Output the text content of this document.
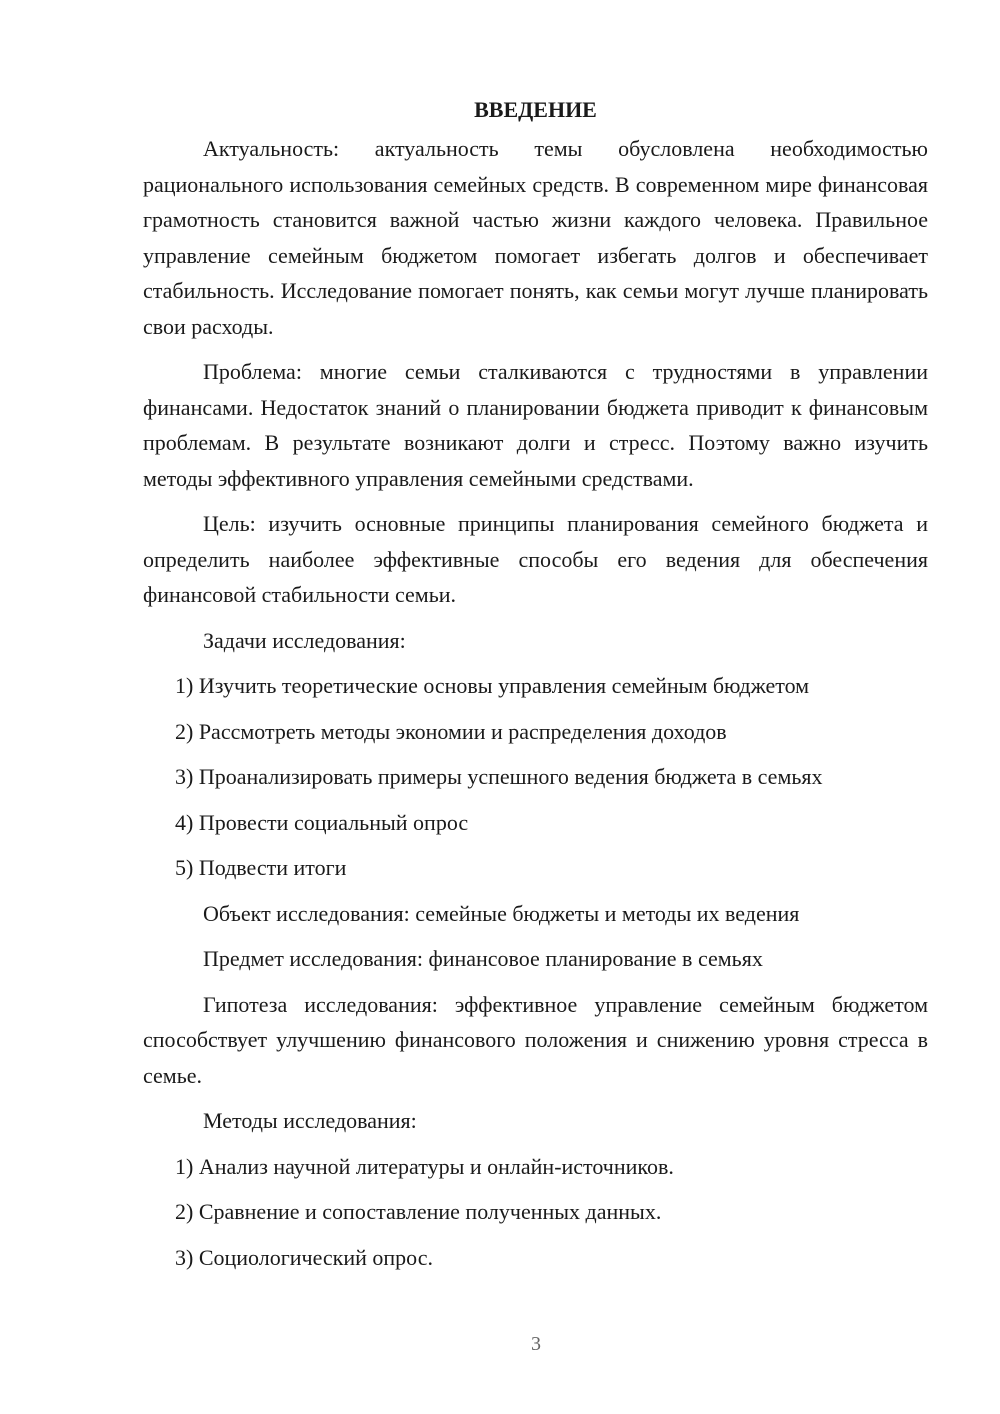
ВВЕДЕНИЕ

Актуальность: актуальность темы обусловлена необходимостью рационального использования семейных средств. В современном мире финансовая грамотность становится важной частью жизни каждого человека. Правильное управление семейным бюджетом помогает избегать долгов и обеспечивает стабильность. Исследование помогает понять, как семьи могут лучше планировать свои расходы.

Проблема: многие семьи сталкиваются с трудностями в управлении финансами. Недостаток знаний о планировании бюджета приводит к финансовым проблемам. В результате возникают долги и стресс. Поэтому важно изучить методы эффективного управления семейными средствами.

Цель: изучить основные принципы планирования семейного бюджета и определить наиболее эффективные способы его ведения для обеспечения финансовой стабильности семьи.

Задачи исследования:
1) Изучить теоретические основы управления семейным бюджетом
2) Рассмотреть методы экономии и распределения доходов
3) Проанализировать примеры успешного ведения бюджета в семьях
4) Провести социальный опрос
5) Подвести итоги
Объект исследования: семейные бюджеты и методы их ведения
Предмет исследования: финансовое планирование в семьях

Гипотеза исследования: эффективное управление семейным бюджетом способствует улучшению финансового положения и снижению уровня стресса в семье.

Методы исследования:
1) Анализ научной литературы и онлайн-источников.
2) Сравнение и сопоставление полученных данных.
3) Социологический опрос.
3
